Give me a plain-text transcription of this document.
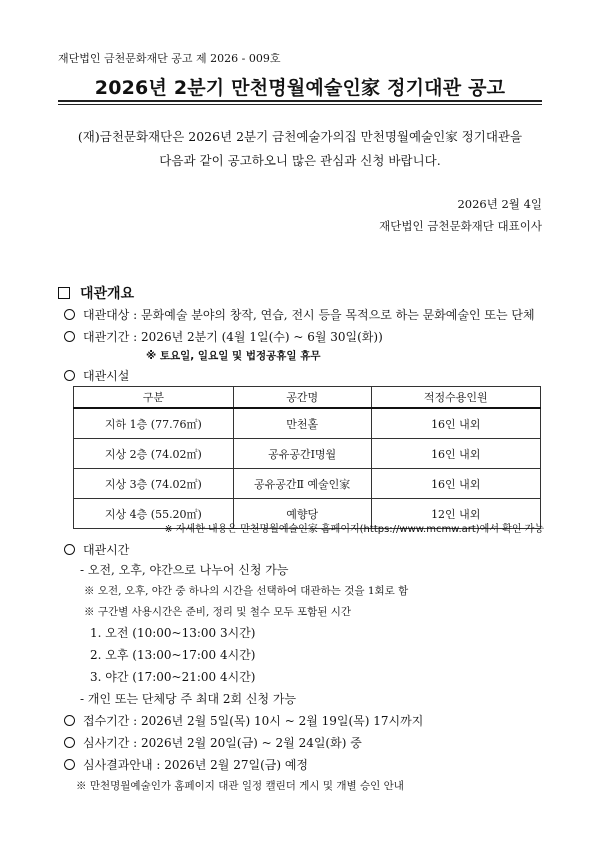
재단법인 금천문화재단 공고 제 2026 - 009호
2026년 2분기 만천명월예술인家 정기대관 공고
(재)금천문화재단은 2026년 2분기 금천예술가의집 만천명월예술인家 정기대관을
다음과 같이 공고하오니 많은 관심과 신청 바랍니다.
2026년 2월 4일
재단법인 금천문화재단 대표이사
대관개요
대관대상 : 문화예술 분야의 창작, 연습, 전시 등을 목적으로 하는 문화예술인 또는 단체
대관기간 : 2026년 2분기 (4월 1일(수) ~ 6월 30일(화))
※ 토요일, 일요일 및 법정공휴일 휴무
대관시설
구분	공간명	적정수용인원
지하 1층 (77.76㎡)	만천홀	16인 내외
지상 2층 (74.02㎡)	공유공간Ⅰ명월	16인 내외
지상 3층 (74.02㎡)	공유공간Ⅱ 예술인家	16인 내외
지상 4층 (55.20㎡)	예향당	12인 내외
※ 자세한 내용은 만천명월예술인家 홈페이지(https://www.mcmw.art)에서 확인 가능
대관시간
- 오전, 오후, 야간으로 나누어 신청 가능
※ 오전, 오후, 야간 중 하나의 시간을 선택하여 대관하는 것을 1회로 함
※ 구간별 사용시간은 준비, 정리 및 철수 모두 포함된 시간
1. 오전 (10:00~13:00 3시간)
2. 오후 (13:00~17:00 4시간)
3. 야간 (17:00~21:00 4시간)
- 개인 또는 단체당 주 최대 2회 신청 가능
접수기간 : 2026년 2월 5일(목) 10시 ~ 2월 19일(목) 17시까지
심사기간 : 2026년 2월 20일(금) ~ 2월 24일(화) 중
심사결과안내 : 2026년 2월 27일(금) 예정
※ 만천명월예술인가 홈페이지 대관 일정 캘린더 게시 및 개별 승인 안내
